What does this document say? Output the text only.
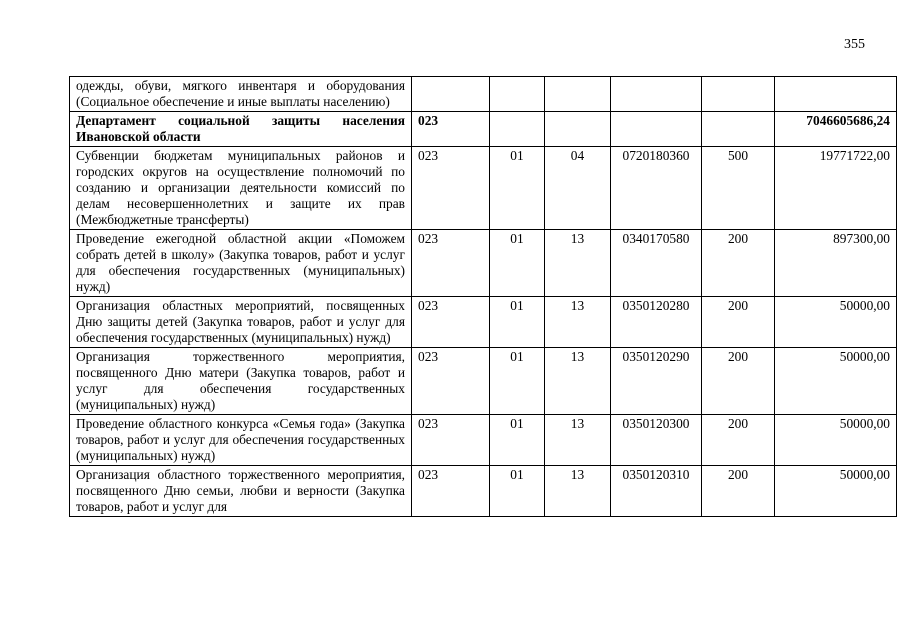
355
одежды, обуви, мягкого инвентаря и оборудования (Социальное обеспечение и иные выплаты населению)						
Департамент социальной защиты населения Ивановской области	023					7046605686,24
Субвенции бюджетам муниципальных районов и городских округов на осуществление полномочий по созданию и организации деятельности комиссий по делам несовершеннолетних и защите их прав (Межбюджетные трансферты)	023	01	04	0720180360	500	19771722,00
Проведение ежегодной областной акции «Поможем собрать детей в школу» (Закупка товаров, работ и услуг для обеспечения государственных (муниципальных) нужд)	023	01	13	0340170580	200	897300,00
Организация областных мероприятий, посвященных Дню защиты детей (Закупка товаров, работ и услуг для обеспечения государственных (муниципальных) нужд)	023	01	13	0350120280	200	50000,00
Организация торжественного мероприятия, посвященного Дню матери (Закупка товаров, работ и услуг для обеспечения государственных (муниципальных) нужд)	023	01	13	0350120290	200	50000,00
Проведение областного конкурса «Семья года» (Закупка товаров, работ и услуг для обеспечения государственных (муниципальных) нужд)	023	01	13	0350120300	200	50000,00
Организация областного торжественного мероприятия, посвященного Дню семьи, любви и верности (Закупка товаров, работ и услуг для	023	01	13	0350120310	200	50000,00
